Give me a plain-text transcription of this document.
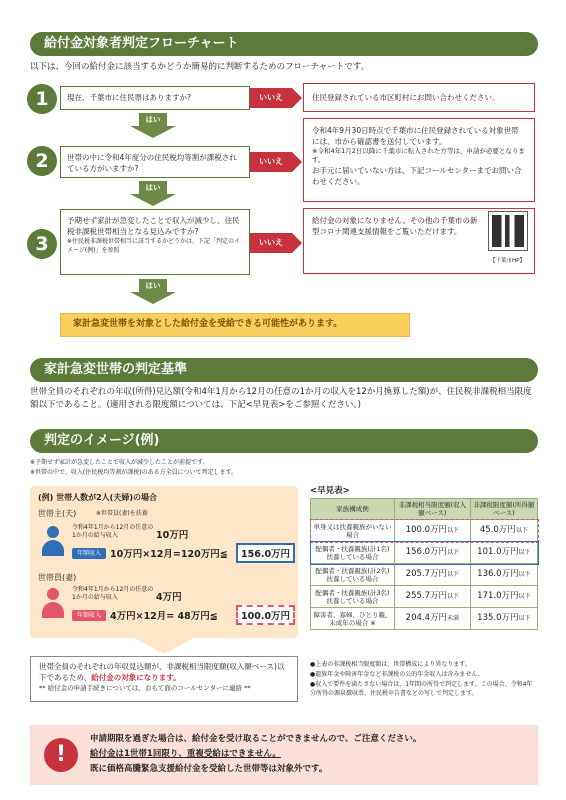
給付金対象者判定フローチャート
以下は、今回の給付金に該当するかどうか簡易的に判断するためのフローチャートです。
1	現在、千葉市に住民票はありますか?	いいえ	住民登録されている市区町村にお問い合わせください。
はい
2	世帯の中に令和4年度分の住民税均等割が課税されている方がいますか?
いいえ
令和4年9月30日時点で千葉市に住民登録されている対象世帯には、市から確認書を送付しています。
※令和4年1月2日以降に千葉市に転入された方等は、申請が必要となります。
お手元に届いていない方は、下記コールセンターまでお問い合わせください。
はい
3
予期せず家計が急変したことで収入が減少し、住民税非課税世帯相当となる見込みですか?
※住民税非課税世帯相当に該当するかどうかは、下記「判定のイメージ(例)」を参照
いいえ
給付金の対象になりません。その他の千葉市の新型コロナ関連支援情報をご覧いただけます。
【千葉市HP】
はい
家計急変世帯を対象とした給付金を受給できる可能性があります。
家計急変世帯の判定基準
世帯全員のそれぞれの年収(所得)見込額(令和4年1月から12月の任意の1か月の収入を12か月換算した額)が、住民税非課税相当限度額以下であること。(適用される限度額については、下記<早見表>をご参照ください。)
判定のイメージ(例)
※予期せず家計が急変したことで収入が減少したことが前提です。
※世帯の中で、収入(住民税均等割が課税)のある方全員について判定します。
(例) 世帯人数が2人(夫婦)の場合
世帯主(夫)	※世帯員(妻)を扶養
令和4年1月から12月の任意の1か月の給与収入	10万円
年額収入 10万円×12月=120万円≦	156.0万円
世帯員(妻)
令和4年1月から12月の任意の1か月の給与収入	4万円
年額収入 4万円×12月= 48万円≦	100.0万円
世帯全員のそれぞれの年収見込額が、非課税相当限度額(収入額ベース)以下であるため、給付金の対象になります。
** 給付金の申請手続きについては、おもて面のコールセンターに連絡 **
<早見表>
家族構成例	非課税相当限度額(収入額ベース)	非課税限度額(所得額ベース)
単身又は扶養親族がいない場合	100.0万円以下	45.0万円以下
配偶者・扶養親族(計1名)扶養している場合	156.0万円以下	101.0万円以下
配偶者・扶養親族(計2名)扶養している場合	205.7万円以下	136.0万円以下
配偶者・扶養親族(計3名)扶養している場合	255.7万円以下	171.0万円以下
障害者、寡婦、ひとり親、未成年の場合 ※	204.4万円未満	135.0万円以下
●上表の非課税相当限度額は、世帯構成により異なります。
●遺族年金や障害年金など非課税の公的年金収入は含みません。
●収入で要件を満たさない場合は、1年間の所得で判定します。この場合、令和4年分所得の源泉徴収票、住民税申告書などの写しで判定します。
!
申請期限を過ぎた場合は、給付金を受け取ることができませんので、ご注意ください。
給付金は1世帯1回限り、重複受給はできません。
既に価格高騰緊急支援給付金を受給した世帯等は対象外です。
